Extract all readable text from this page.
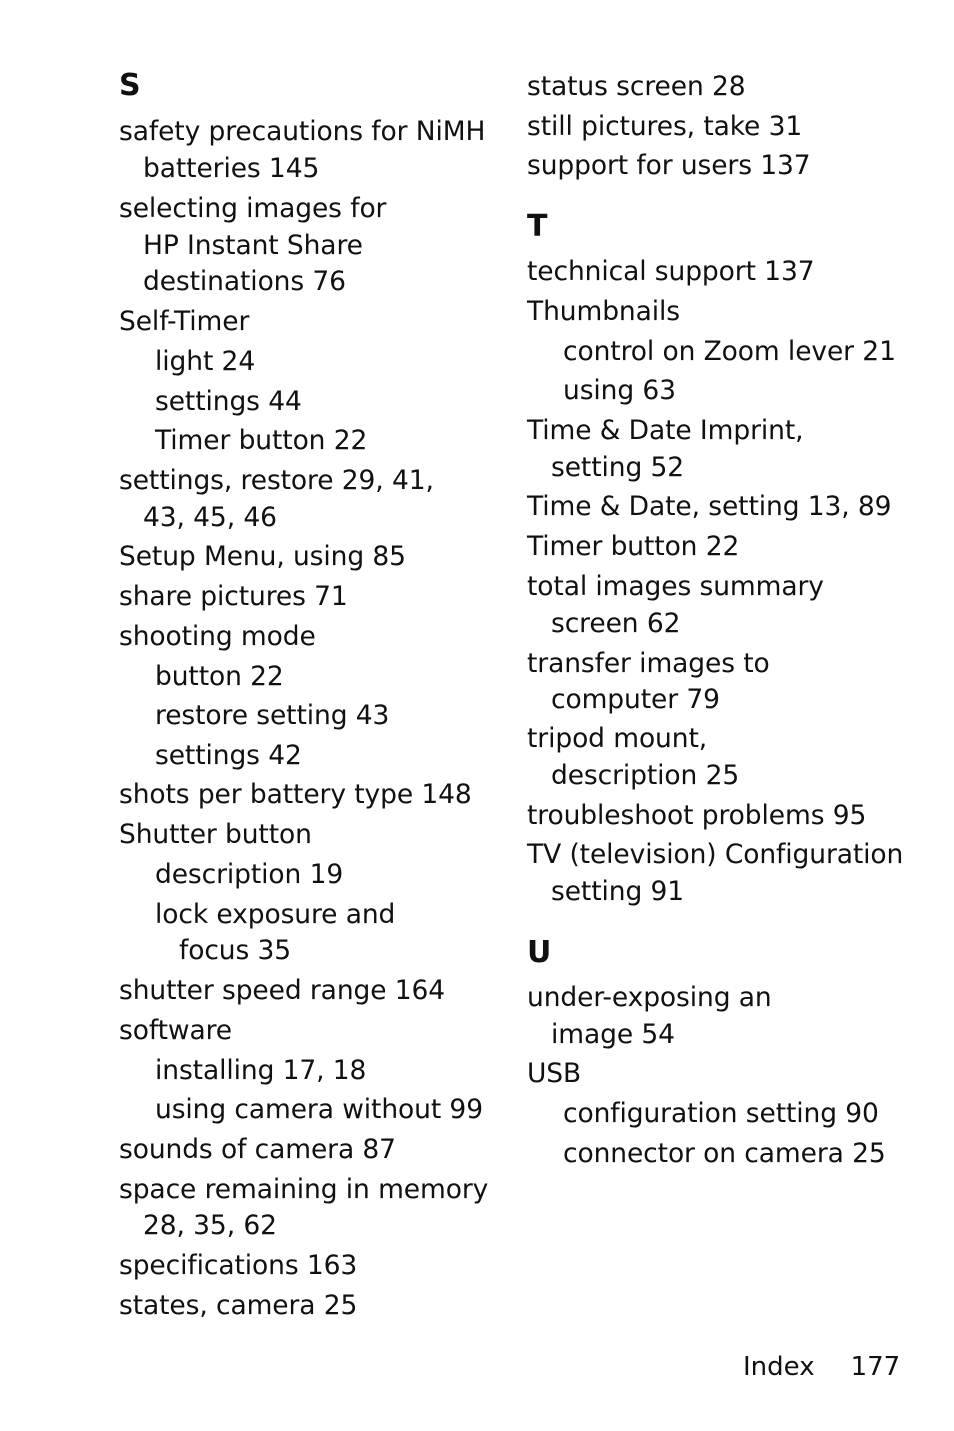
S
safety precautions for NiMH
batteries 145
selecting images for
HP Instant Share
destinations 76
Self-Timer
light 24
settings 44
Timer button 22
settings, restore 29, 41,
43, 45, 46
Setup Menu, using 85
share pictures 71
shooting mode
button 22
restore setting 43
settings 42
shots per battery type 148
Shutter button
description 19
lock exposure and
focus 35
shutter speed range 164
software
installing 17, 18
using camera without 99
sounds of camera 87
space remaining in memory
28, 35, 62
specifications 163
states, camera 25
status screen 28
still pictures, take 31
support for users 137
T
technical support 137
Thumbnails
control on Zoom lever 21
using 63
Time & Date Imprint,
setting 52
Time & Date, setting 13, 89
Timer button 22
total images summary
screen 62
transfer images to
computer 79
tripod mount,
description 25
troubleshoot problems 95
TV (television) Configuration
setting 91
U
under-exposing an
image 54
USB
configuration setting 90
connector on camera 25
Index 177
